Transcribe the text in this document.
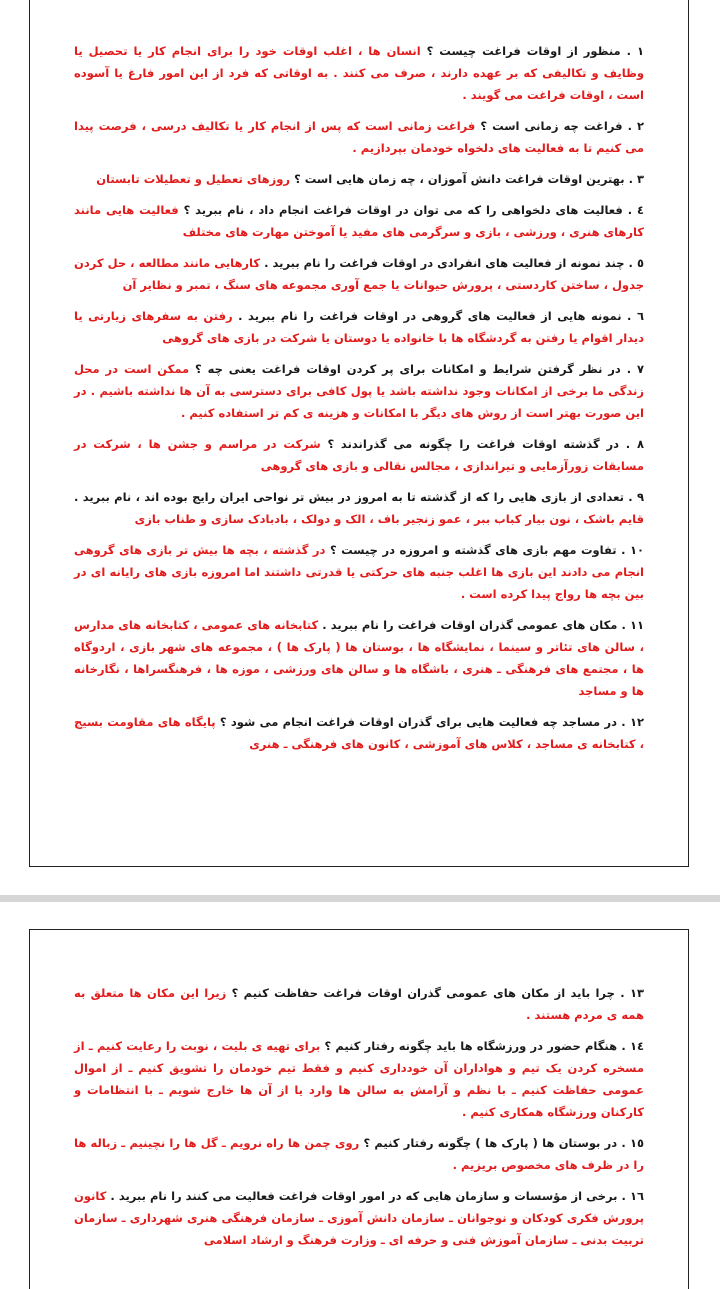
۱ . منظور از اوقات فراغت چیست ؟ انسان ها ، اغلب اوقات خود را برای انجام کار یا تحصیل یا وظایف و تکالیفی که بر عهده دارند ، صرف می کنند . به اوقاتی که فرد از این امور فارغ یا آسوده است ، اوقات فراغت می گویند .

۲ . فراغت چه زمانی است ؟ فراغت زمانی است که پس از انجام کار یا تکالیف درسی ، فرصت پیدا می کنیم تا به فعالیت های دلخواه خودمان بپردازیم .

۳ . بهترین اوقات فراغت دانش آموزان ، چه زمان هایی است ؟ روزهای تعطیل و تعطیلات تابستان

٤ . فعالیت های دلخواهی را که می توان در اوقات فراغت انجام داد ، نام ببرید ؟ فعالیت هایی مانند کارهای هنری ، ورزشی ، بازی و سرگرمی های مفید یا آموختن مهارت های مختلف

٥ . چند نمونه از فعالیت های انفرادی در اوقات فراغت را نام ببرید . کارهایی مانند مطالعه ، حل کردن جدول ، ساختن کاردستی ، پرورش حیوانات یا جمع آوری مجموعه های سنگ ، تمبر و نظایر آن

٦ . نمونه هایی از فعالیت های گروهی در اوقات فراغت را نام ببرید . رفتن به سفرهای زیارتی یا دیدار اقوام یا رفتن به گردشگاه ها با خانواده یا دوستان یا شرکت در بازی های گروهی

۷ . در نظر گرفتن شرایط و امکانات برای پر کردن اوقات فراغت یعنی چه ؟ ممکن است در محل زندگی ما برخی از امکانات وجود نداشته باشد یا پول کافی برای دسترسی به آن ها نداشته باشیم . در این صورت بهتر است از روش های دیگر با امکانات و هزینه ی کم تر استفاده کنیم .

۸ . در گذشته اوقات فراغت را چگونه می گذراندند ؟ شرکت در مراسم و جشن ها ، شرکت در مسابقات زورآزمایی و تیراندازی ، مجالس نقالی و بازی های گروهی

۹ . تعدادی از بازی هایی را که از گذشته تا به امروز در بیش تر نواحی ایران رایج بوده اند ، نام ببرید . قایم باشک ، نون بیار کباب ببر ، عمو زنجیر باف ، الک و دولک ، بادبادک سازی و طناب بازی

۱۰ . تفاوت مهم بازی های گذشته و امروزه در چیست ؟ در گذشته ، بچه ها بیش تر بازی های گروهی انجام می دادند این بازی ها اغلب جنبه های حرکتی یا قدرتی داشتند اما امروزه بازی های رایانه ای در بین بچه ها رواج پیدا کرده است .

۱۱ . مکان های عمومی گذران اوقات فراغت را نام ببرید . کتابخانه های عمومی ، کتابخانه های مدارس ، سالن های تئاتر و سینما ، نمایشگاه ها ، بوستان ها ( پارک ها ) ، مجموعه های شهر بازی ، اردوگاه ها ، مجتمع های فرهنگی ـ هنری ، باشگاه ها و سالن های ورزشی ، موزه ها ، فرهنگسراها ، نگارخانه ها و مساجد

۱۲ . در مساجد چه فعالیت هایی برای گذران اوقات فراغت انجام می شود ؟ پایگاه های مقاومت بسیج ، کتابخانه ی مساجد ، کلاس های آموزشی ، کانون های فرهنگی ـ هنری

۱۳ . چرا باید از مکان های عمومی گذران اوقات فراغت حفاظت کنیم ؟ زیرا این مکان ها متعلق به همه ی مردم هستند .

۱٤ . هنگام حضور در ورزشگاه ها باید چگونه رفتار کنیم ؟ برای تهیه ی بلیت ، نوبت را رعایت کنیم ـ از مسخره کردن یک تیم و هواداران آن خودداری کنیم و فقط تیم خودمان را تشویق کنیم ـ از اموال عمومی حفاظت کنیم ـ با نظم و آرامش به سالن ها وارد یا از آن ها خارج شویم ـ با انتظامات و کارکنان ورزشگاه همکاری کنیم .

۱٥ . در بوستان ها ( پارک ها ) چگونه رفتار کنیم ؟ روی چمن ها راه نرویم ـ گل ها را نچینیم ـ زباله ها را در ظرف های مخصوص بریزیم .

۱٦ . برخی از مؤسسات و سازمان هایی که در امور اوقات فراغت فعالیت می کنند را نام ببرید . کانون پرورش فکری کودکان و نوجوانان ـ سازمان دانش آموزی ـ سازمان فرهنگی هنری شهرداری ـ سازمان تربیت بدنی ـ سازمان آموزش فنی و حرفه ای ـ وزارت فرهنگ و ارشاد اسلامی
